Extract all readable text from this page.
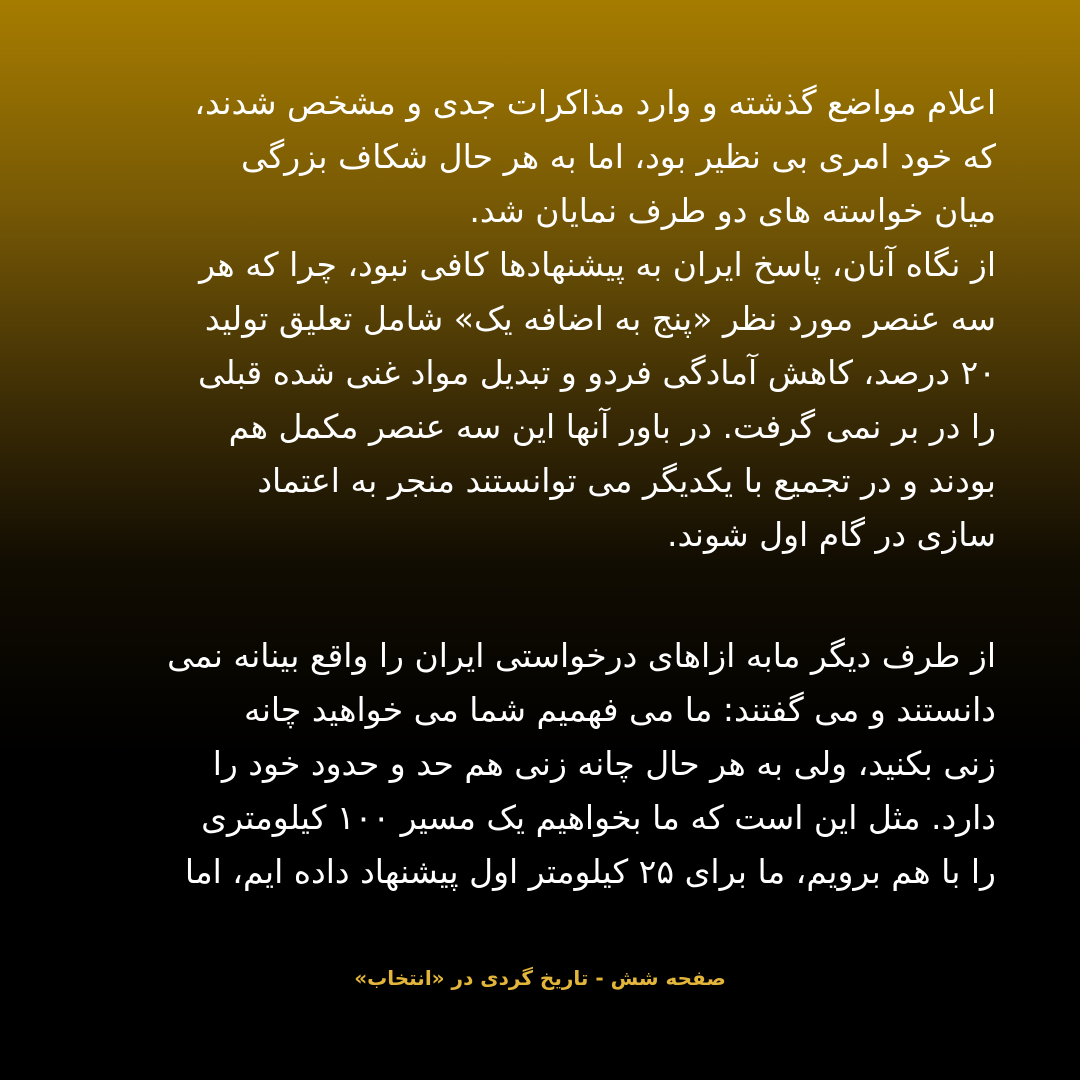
اعلام مواضع گذشته و وارد مذاکرات جدی و مشخص شدند،
که خود امری بی نظیر بود، اما به هر حال شکاف بزرگی
میان خواسته های دو طرف نمایان شد.
از نگاه آنان، پاسخ ایران به پیشنهادها کافی نبود، چرا که هر
سه عنصر مورد نظر «پنج به اضافه یک» شامل تعلیق تولید
۲۰ درصد، کاهش آمادگی فردو و تبدیل مواد غنی شده قبلی
را در بر نمی گرفت. در باور آنها این سه عنصر مکمل هم
بودند و در تجمیع با یکدیگر می توانستند منجر به اعتماد
سازی در گام اول شوند.
از طرف دیگر مابه ازاهای درخواستی ایران را واقع بینانه نمی
دانستند و می گفتند: ما می فهمیم شما می خواهید چانه
زنی بکنید، ولی به هر حال چانه زنی هم حد و حدود خود را
دارد. مثل این است که ما بخواهیم یک مسیر ۱۰۰ کیلومتری
را با هم برویم، ما برای ۲۵ کیلومتر اول پیشنهاد داده ایم، اما
صفحه شش - تاریخ گردی در «انتخاب»
